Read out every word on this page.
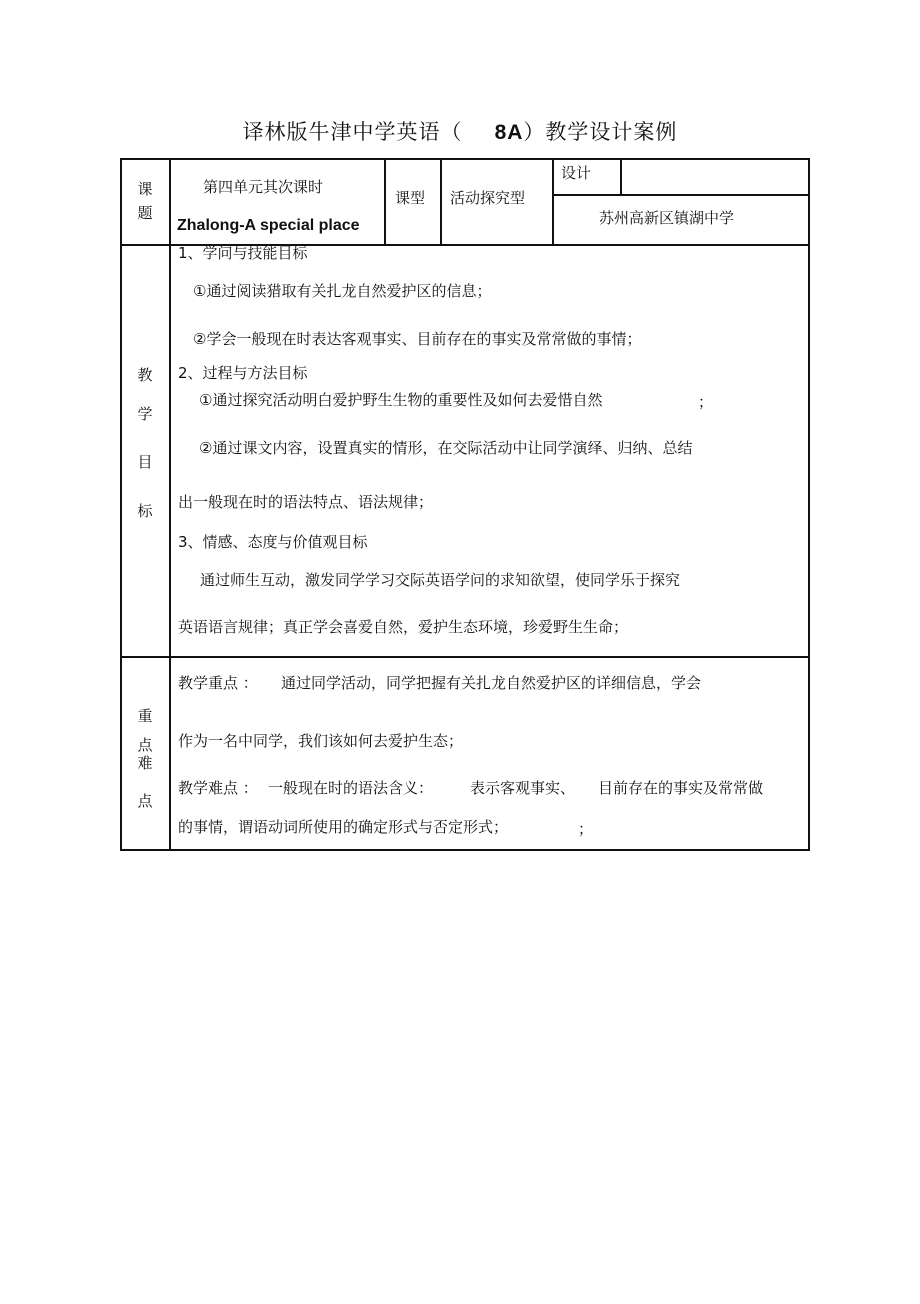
译林版牛津中学英语（ 8A）教学设计案例
课
题
第四单元其次课时
Zhalong-A special place
课型 活动探究型
设计
苏州高新区镇湖中学
教
学
目
标
1、学问与技能目标
①通过阅读猎取有关扎龙自然爱护区的信息；
②学会一般现在时表达客观事实、目前存在的事实及常常做的事情；
2、过程与方法目标
①通过探究活动明白爱护野生生物的重要性及如何去爱惜自然	；
②通过课文内容，设置真实的情形，在交际活动中让同学演绎、归纳、总结
出一般现在时的语法特点、语法规律；
3、情感、态度与价值观目标
通过师生互动，激发同学学习交际英语学问的求知欲望，使同学乐于探究
英语语言规律；真正学会喜爱自然，爱护生态环境，珍爱野生生命；
重
点
难
点
教学重点 ： 通过同学活动，同学把握有关扎龙自然爱护区的详细信息，学会
作为一名中同学，我们该如何去爱护生态；
教学难点 ： 一般现在时的语法含义： 表示客观事实、 目前存在的事实及常常做
的事情，谓语动词所使用的确定形式与否定形式；	；
